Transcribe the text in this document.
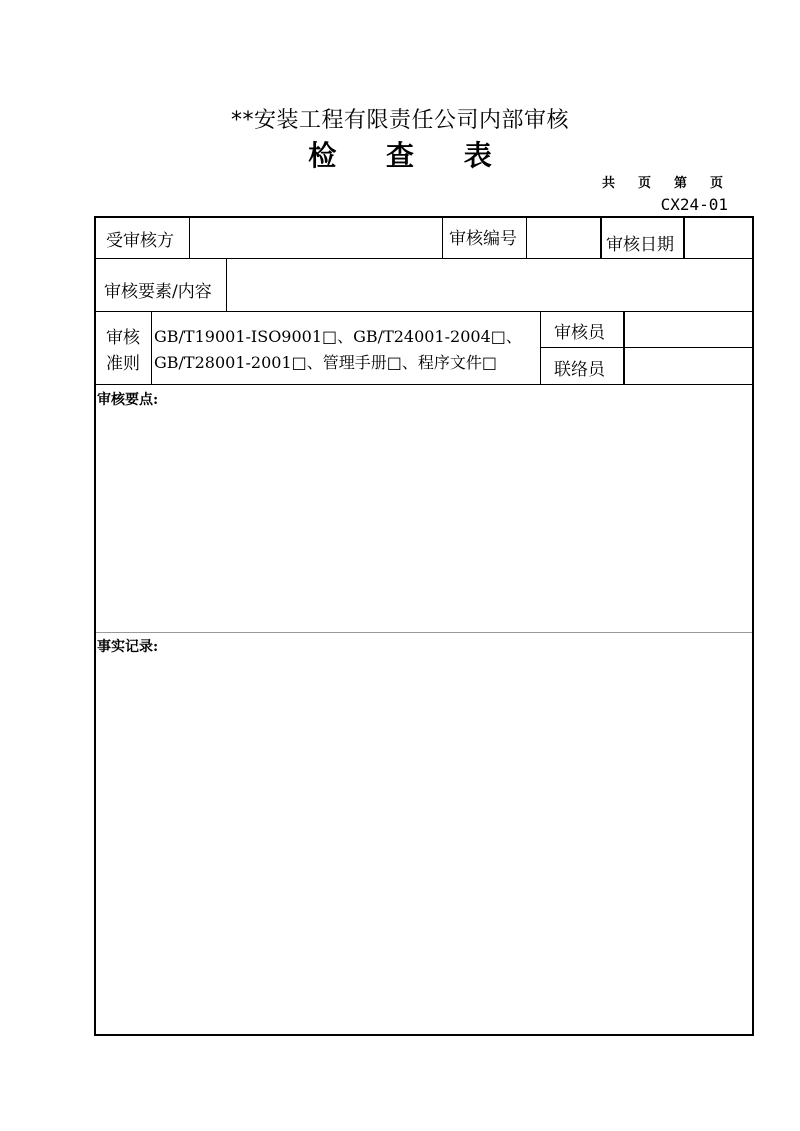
**安装工程有限责任公司内部审核
检 查 表
共 页 第 页
CX24-01
受审核方	审核编号	审核日期
审核要素/内容
审核
准则
GB/T19001-ISO9001□、GB/T24001-2004□、
GB/T28001-2001□、管理手册□、程序文件□
审核员
联络员
审核要点:
事实记录:
